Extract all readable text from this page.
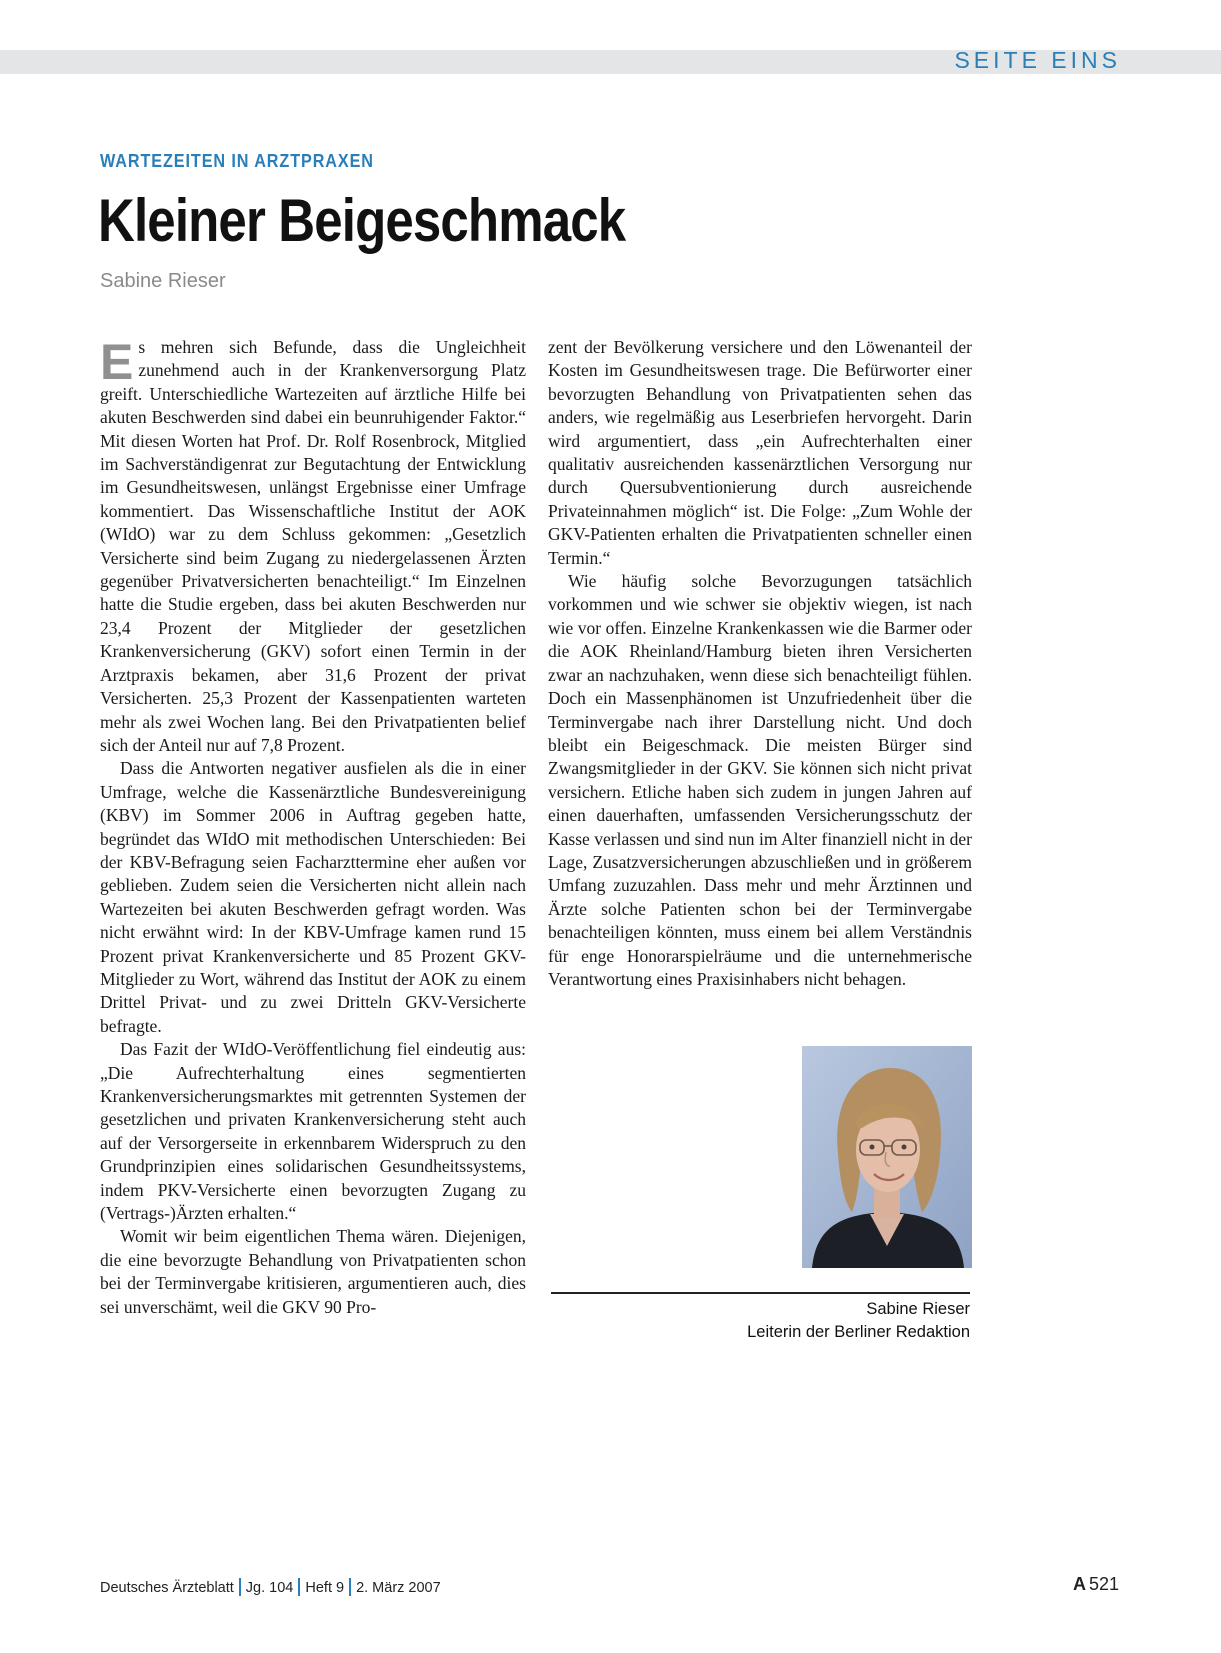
SEITE EINS
WARTEZEITEN IN ARZTPRAXEN
Kleiner Beigeschmack
Sabine Rieser

Es mehren sich Befunde, dass die Ungleichheit zunehmend auch in der Krankenversorgung Platz greift. Unterschiedliche Wartezeiten auf ärztliche Hilfe bei akuten Beschwerden sind dabei ein beunruhigender Faktor.“ Mit diesen Worten hat Prof. Dr. Rolf Rosenbrock, Mitglied im Sachverständigenrat zur Begutachtung der Entwicklung im Gesundheitswesen, unlängst Ergebnisse einer Umfrage kommentiert. Das Wissenschaftliche Institut der AOK (WIdO) war zu dem Schluss gekommen: „Gesetzlich Versicherte sind beim Zugang zu niedergelassenen Ärzten gegenüber Privatversicherten benachteiligt.“ Im Einzelnen hatte die Studie ergeben, dass bei akuten Beschwerden nur 23,4 Prozent der Mitglieder der gesetzlichen Krankenversicherung (GKV) sofort einen Termin in der Arztpraxis bekamen, aber 31,6 Prozent der privat Versicherten. 25,3 Prozent der Kassenpatienten warteten mehr als zwei Wochen lang. Bei den Privatpatienten belief sich der Anteil nur auf 7,8 Prozent.

Dass die Antworten negativer ausfielen als die in einer Umfrage, welche die Kassenärztliche Bundesvereinigung (KBV) im Sommer 2006 in Auftrag gegeben hatte, begründet das WIdO mit methodischen Unterschieden: Bei der KBV-Befragung seien Facharzttermine eher außen vor geblieben. Zudem seien die Versicherten nicht allein nach Wartezeiten bei akuten Beschwerden gefragt worden. Was nicht erwähnt wird: In der KBV-Umfrage kamen rund 15 Prozent privat Krankenversicherte und 85 Prozent GKV-Mitglieder zu Wort, während das Institut der AOK zu einem Drittel Privat- und zu zwei Dritteln GKV-Versicherte befragte.

Das Fazit der WIdO-Veröffentlichung fiel eindeutig aus: „Die Aufrechterhaltung eines segmentierten Krankenversicherungsmarktes mit getrennten Systemen der gesetzlichen und privaten Krankenversicherung steht auch auf der Versorgerseite in erkennbarem Widerspruch zu den Grundprinzipien eines solidarischen Gesundheitssystems, indem PKV-Versicherte einen bevorzugten Zugang zu (Vertrags-)Ärzten erhalten.“

Womit wir beim eigentlichen Thema wären. Diejenigen, die eine bevorzugte Behandlung von Privatpatienten schon bei der Terminvergabe kritisieren, argumentieren auch, dies sei unverschämt, weil die GKV 90 Pro-

zent der Bevölkerung versichere und den Löwenanteil der Kosten im Gesundheitswesen trage. Die Befürworter einer bevorzugten Behandlung von Privatpatienten sehen das anders, wie regelmäßig aus Leserbriefen hervorgeht. Darin wird argumentiert, dass „ein Aufrechterhalten einer qualitativ ausreichenden kassenärztlichen Versorgung nur durch Quersubventionierung durch ausreichende Privateinnahmen möglich“ ist. Die Folge: „Zum Wohle der GKV-Patienten erhalten die Privatpatienten schneller einen Termin.“

Wie häufig solche Bevorzugungen tatsächlich vorkommen und wie schwer sie objektiv wiegen, ist nach wie vor offen. Einzelne Krankenkassen wie die Barmer oder die AOK Rheinland/Hamburg bieten ihren Versicherten zwar an nachzuhaken, wenn diese sich benachteiligt fühlen. Doch ein Massenphänomen ist Unzufriedenheit über die Terminvergabe nach ihrer Darstellung nicht. Und doch bleibt ein Beigeschmack. Die meisten Bürger sind Zwangsmitglieder in der GKV. Sie können sich nicht privat versichern. Etliche haben sich zudem in jungen Jahren auf einen dauerhaften, umfassenden Versicherungsschutz der Kasse verlassen und sind nun im Alter finanziell nicht in der Lage, Zusatzversicherungen abzuschließen und in größerem Umfang zuzuzahlen. Dass mehr und mehr Ärztinnen und Ärzte solche Patienten schon bei der Terminvergabe benachteiligen könnten, muss einem bei allem Verständnis für enge Honorarspielräume und die unternehmerische Verantwortung eines Praxisinhabers nicht behagen.

Sabine Rieser
Leiterin der Berliner Redaktion
Deutsches Ärzteblatt Jg. 104 Heft 9 2. März 2007	A 521
